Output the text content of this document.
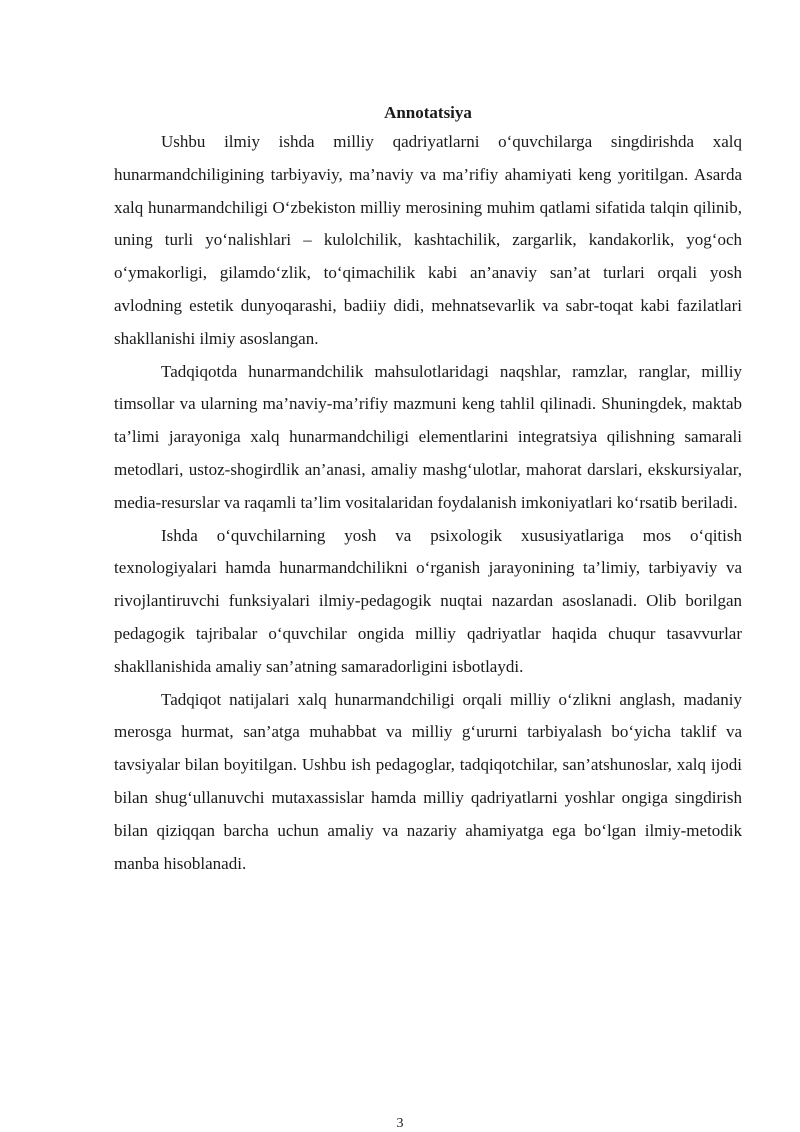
Annotatsiya

Ushbu ilmiy ishda milliy qadriyatlarni o‘quvchilarga singdirishda xalq hunarmandchiligining tarbiyaviy, ma’naviy va ma’rifiy ahamiyati keng yoritilgan. Asarda xalq hunarmandchiligi O‘zbekiston milliy merosining muhim qatlami sifatida talqin qilinib, uning turli yo‘nalishlari – kulolchilik, kashtachilik, zargarlik, kandakorlik, yog‘och o‘ymakorligi, gilamdo‘zlik, to‘qimachilik kabi an’anaviy san’at turlari orqali yosh avlodning estetik dunyoqarashi, badiiy didi, mehnatsevarlik va sabr-toqat kabi fazilatlari shakllanishi ilmiy asoslangan.

Tadqiqotda hunarmandchilik mahsulotlaridagi naqshlar, ramzlar, ranglar, milliy timsollar va ularning ma’naviy-ma’rifiy mazmuni keng tahlil qilinadi. Shuningdek, maktab ta’limi jarayoniga xalq hunarmandchiligi elementlarini integratsiya qilishning samarali metodlari, ustoz-shogirdlik an’anasi, amaliy mashg‘ulotlar, mahorat darslari, ekskursiyalar, media-resurslar va raqamli ta’lim vositalaridan foydalanish imkoniyatlari ko‘rsatib beriladi.

Ishda o‘quvchilarning yosh va psixologik xususiyatlariga mos o‘qitish texnologiyalari hamda hunarmandchilikni o‘rganish jarayonining ta’limiy, tarbiyaviy va rivojlantiruvchi funksiyalari ilmiy-pedagogik nuqtai nazardan asoslanadi. Olib borilgan pedagogik tajribalar o‘quvchilar ongida milliy qadriyatlar haqida chuqur tasavvurlar shakllanishida amaliy san’atning samaradorligini isbotlaydi.

Tadqiqot natijalari xalq hunarmandchiligi orqali milliy o‘zlikni anglash, madaniy merosga hurmat, san’atga muhabbat va milliy g‘ururni tarbiyalash bo‘yicha taklif va tavsiyalar bilan boyitilgan. Ushbu ish pedagoglar, tadqiqotchilar, san’atshunoslar, xalq ijodi bilan shug‘ullanuvchi mutaxassislar hamda milliy qadriyatlarni yoshlar ongiga singdirish bilan qiziqqan barcha uchun amaliy va nazariy ahamiyatga ega bo‘lgan ilmiy-metodik manba hisoblanadi.

3
